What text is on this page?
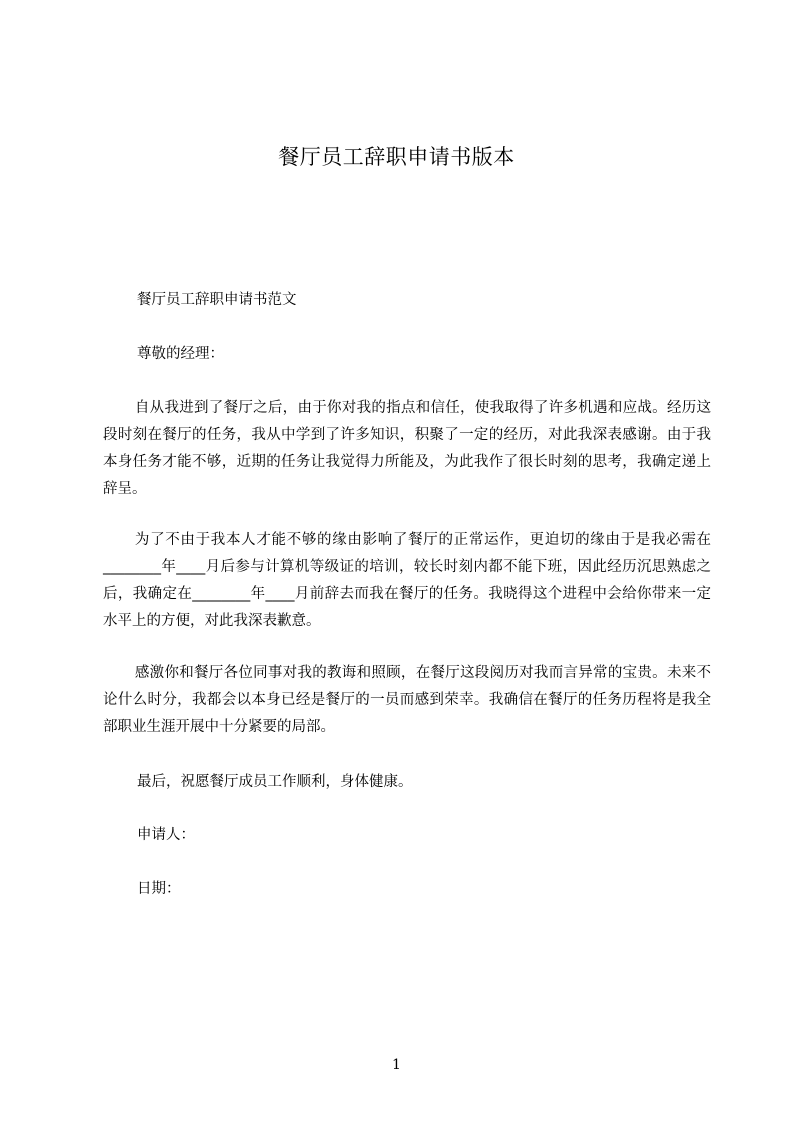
餐厅员工辞职申请书版本
餐厅员工辞职申请书范文
尊敬的经理：

自从我进到了餐厅之后，由于你对我的指点和信任，使我取得了许多机遇和应战。经历这段时刻在餐厅的任务，我从中学到了许多知识，积聚了一定的经历，对此我深表感谢。由于我本身任务才能不够，近期的任务让我觉得力所能及，为此我作了很长时刻的思考，我确定递上辞呈。

为了不由于我本人才能不够的缘由影响了餐厅的正常运作，更迫切的缘由于是我必需在________年____月后参与计算机等级证的培训，较长时刻内都不能下班，因此经历沉思熟虑之后，我确定在________年____月前辞去而我在餐厅的任务。我晓得这个进程中会给你带来一定水平上的方便，对此我深表歉意。

感激你和餐厅各位同事对我的教诲和照顾，在餐厅这段阅历对我而言异常的宝贵。未来不论什么时分，我都会以本身已经是餐厅的一员而感到荣幸。我确信在餐厅的任务历程将是我全部职业生涯开展中十分紧要的局部。

最后，祝愿餐厅成员工作顺利，身体健康。
申请人：
日期：
1
